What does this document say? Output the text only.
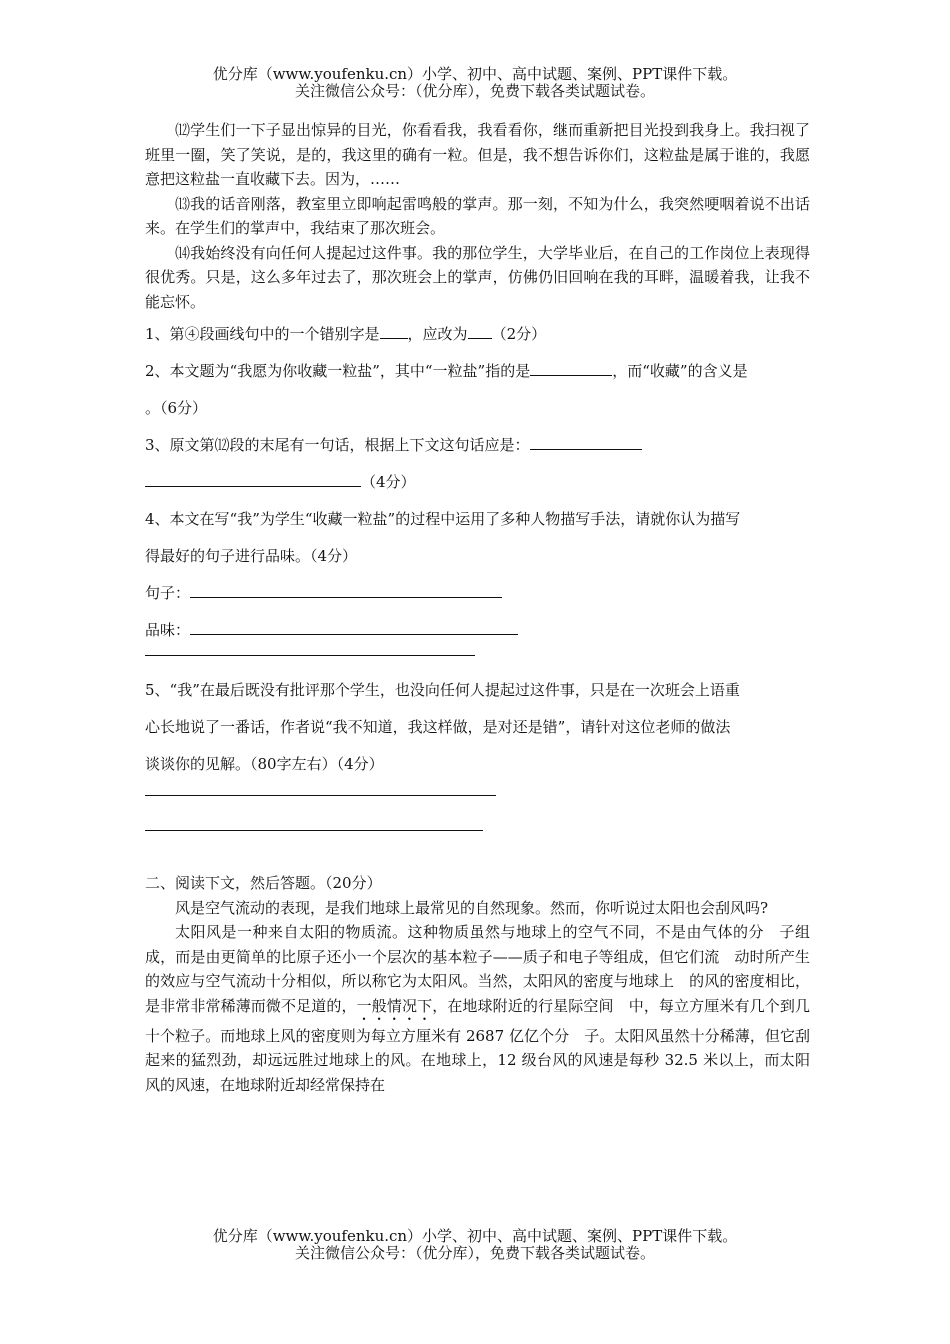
优分库（www.youfenku.cn）小学、初中、高中试题、案例、PPT课件下载。
关注微信公众号：（优分库），免费下载各类试题试卷。

⑿学生们一下子显出惊异的目光，你看看我，我看看你，继而重新把目光投到我身上。我扫视了班里一圈，笑了笑说，是的，我这里的确有一粒。但是，我不想告诉你们，这粒盐是属于谁的，我愿意把这粒盐一直收藏下去。因为，……

⒀我的话音刚落，教室里立即响起雷鸣般的掌声。那一刻，不知为什么，我突然哽咽着说不出话来。在学生们的掌声中，我结束了那次班会。

⒁我始终没有向任何人提起过这件事。我的那位学生，大学毕业后，在自己的工作岗位上表现得很优秀。只是，这么多年过去了，那次班会上的掌声，仿佛仍旧回响在我的耳畔，温暖着我，让我不能忘怀。

1、第④段画线句中的一个错别字是 ，应改为 （2分）

2、本文题为“我愿为你收藏一粒盐”，其中“一粒盐”指的是	，而“收藏”的含义是

。（6分）

3、原文第⑿段的末尾有一句话，根据上下文这句话应是：

（4分）

4、本文在写“我”为学生“收藏一粒盐”的过程中运用了多种人物描写手法，请就你认为描写

得最好的句子进行品味。（4分）

句子：

品味：

5、“我”在最后既没有批评那个学生，也没向任何人提起过这件事，只是在一次班会上语重

心长地说了一番话，作者说“我不知道，我这样做，是对还是错”，请针对这位老师的做法

谈谈你的见解。（80字左右）（4分）

二、阅读下文，然后答题。（20分）

风是空气流动的表现，是我们地球上最常见的自然现象。然而，你听说过太阳也会刮风吗?

太阳风是一种来自太阳的物质流。这种物质虽然与地球上的空气不同，不是由气体的分　子组成，而是由更简单的比原子还小一个层次的基本粒子——质子和电子等组成，但它们流　动时所产生的效应与空气流动十分相似，所以称它为太阳风。当然，太阳风的密度与地球上　的风的密度相比，是非常非常稀薄而微不足道的，一般情况下，在地球附近的行星际空间　中，每立方厘米有几个到几十个粒子。而地球上风的密度则为每立方厘米有 2687 亿亿个分　子。太阳风虽然十分稀薄，但它刮起来的猛烈劲，却远远胜过地球上的风。在地球上，12 级台风的风速是每秒 32.5 米以上，而太阳风的风速，在地球附近却经常保持在

优分库（www.youfenku.cn）小学、初中、高中试题、案例、PPT课件下载。
关注微信公众号：（优分库），免费下载各类试题试卷。
